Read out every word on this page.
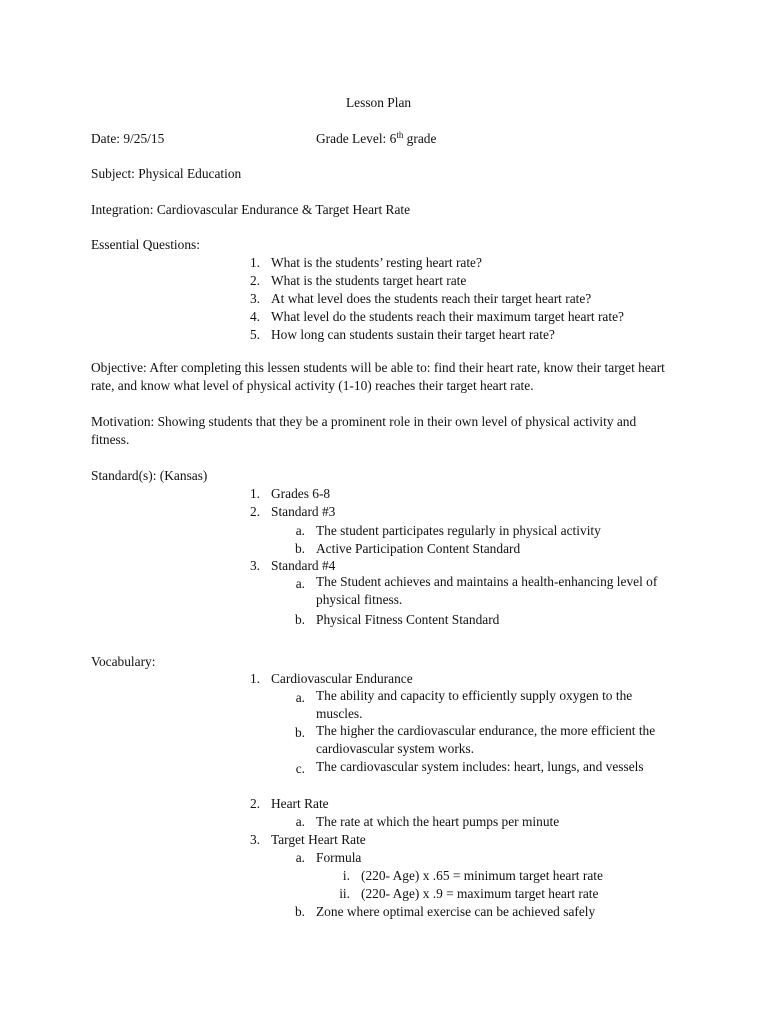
Lesson Plan
Date: 9/25/15	Grade Level: 6th grade
Subject: Physical Education
Integration: Cardiovascular Endurance & Target Heart Rate
Essential Questions:
1. What is the students’ resting heart rate?
2. What is the students target heart rate
3. At what level does the students reach their target heart rate?
4. What level do the students reach their maximum target heart rate?
5. How long can students sustain their target heart rate?
Objective: After completing this lessen students will be able to: find their heart rate, know their target heart rate, and know what level of physical activity (1-10) reaches their target heart rate.
Motivation: Showing students that they be a prominent role in their own level of physical activity and fitness.
Standard(s): (Kansas)
1. Grades 6-8
2. Standard #3
a. The student participates regularly in physical activity
b. Active Participation Content Standard
3. Standard #4
a. The Student achieves and maintains a health-enhancing level of physical fitness.
b. Physical Fitness Content Standard
Vocabulary:
1. Cardiovascular Endurance
a. The ability and capacity to efficiently supply oxygen to the muscles.
b. The higher the cardiovascular endurance, the more efficient the cardiovascular system works.
c. The cardiovascular system includes: heart, lungs, and vessels
2. Heart Rate
a. The rate at which the heart pumps per minute
3. Target Heart Rate
a. Formula
i. (220- Age) x .65 = minimum target heart rate
ii. (220- Age) x .9 = maximum target heart rate
b. Zone where optimal exercise can be achieved safely
